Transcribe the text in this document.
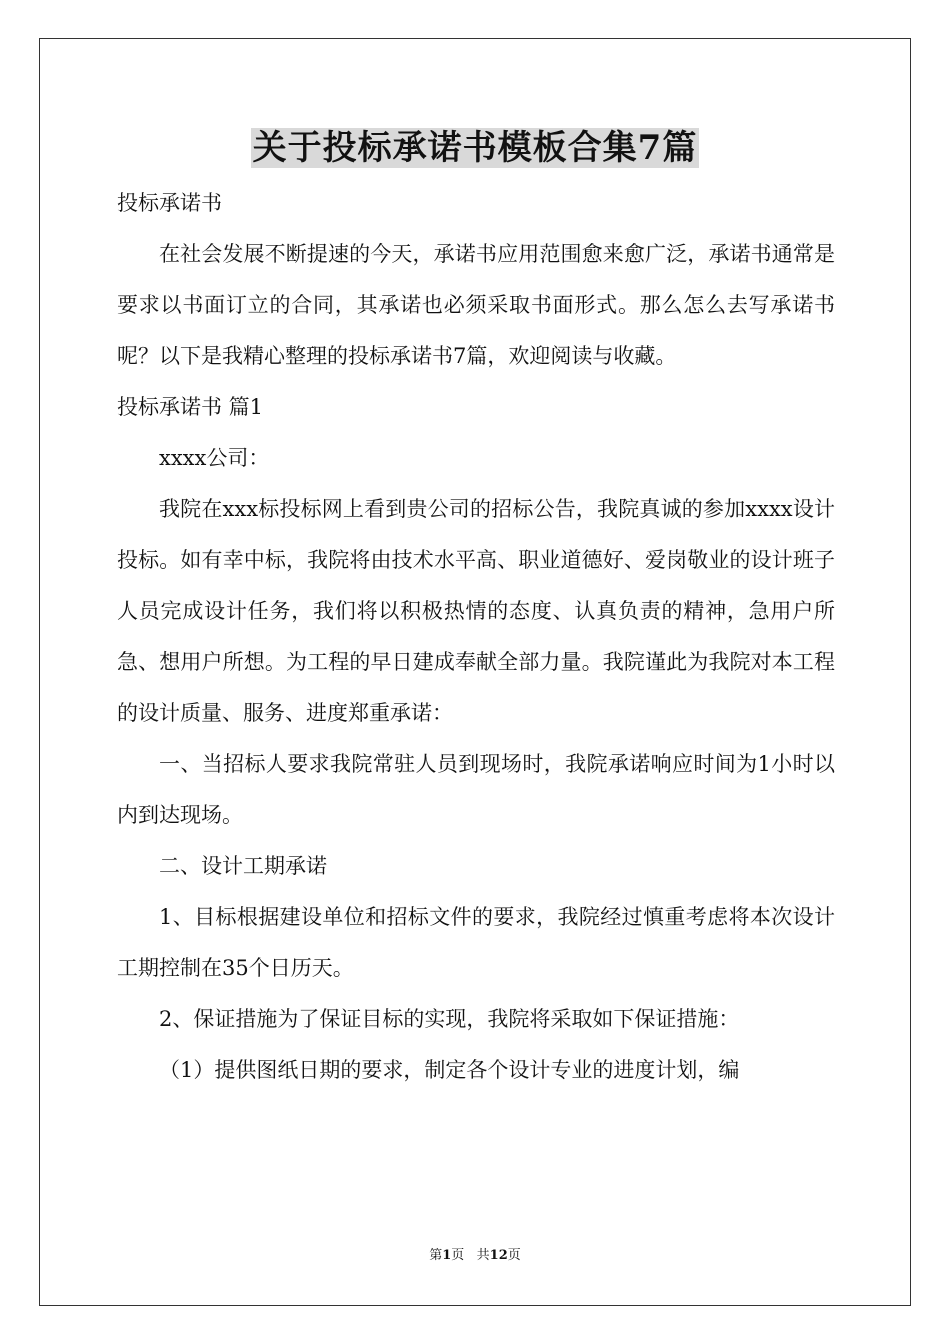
关于投标承诺书模板合集7篇

投标承诺书

在社会发展不断提速的今天，承诺书应用范围愈来愈广泛，承诺书通常是要求以书面订立的合同，其承诺也必须采取书面形式。那么怎么去写承诺书呢？以下是我精心整理的投标承诺书7篇，欢迎阅读与收藏。

投标承诺书 篇1

xxxx公司：

我院在xxx标投标网上看到贵公司的招标公告，我院真诚的参加xxxx设计投标。如有幸中标，我院将由技术水平高、职业道德好、爱岗敬业的设计班子人员完成设计任务，我们将以积极热情的态度、认真负责的精神，急用户所急、想用户所想。为工程的早日建成奉献全部力量。我院谨此为我院对本工程的设计质量、服务、进度郑重承诺：

一、当招标人要求我院常驻人员到现场时，我院承诺响应时间为1小时以内到达现场。

二、设计工期承诺

1、目标根据建设单位和招标文件的要求，我院经过慎重考虑将本次设计工期控制在35个日历天。

2、保证措施为了保证目标的实现，我院将采取如下保证措施：

（1）提供图纸日期的要求，制定各个设计专业的进度计划，编

第1页   共12页
